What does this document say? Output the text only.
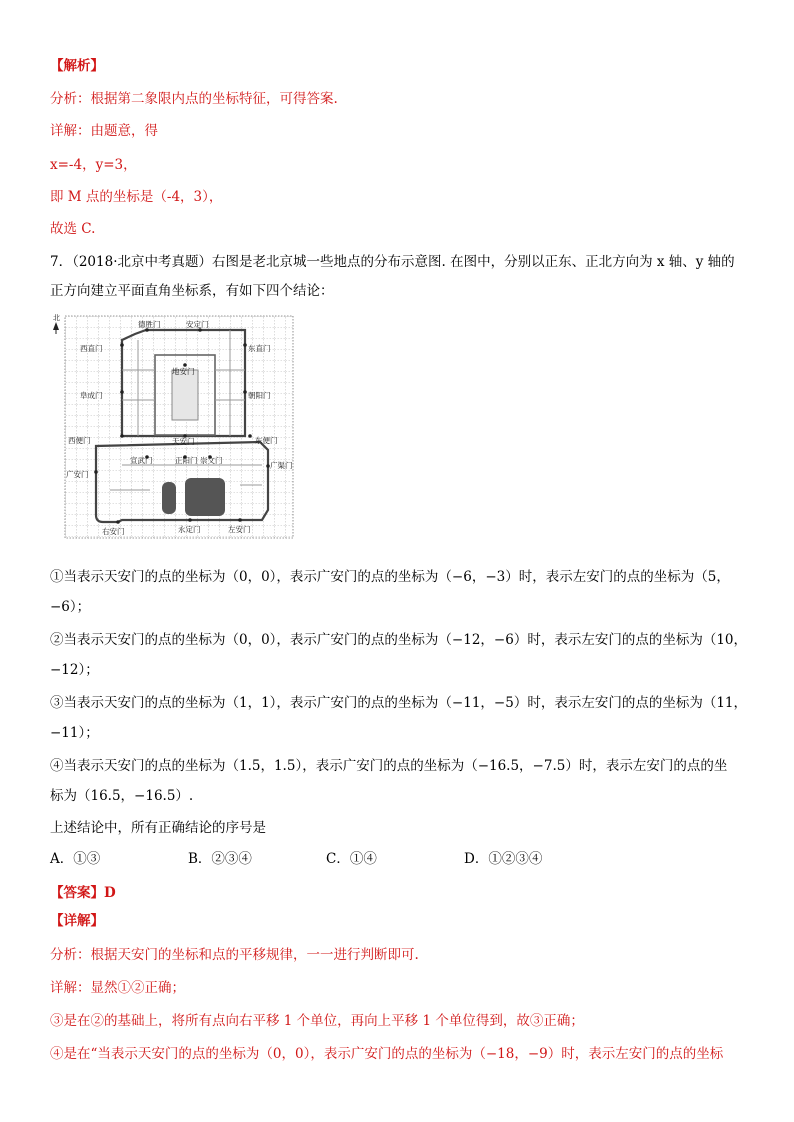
【解析】
分析：根据第二象限内点的坐标特征，可得答案.
详解：由题意，得
x=-4，y=3，
即 M 点的坐标是（-4，3），
故选 C.
7．（2018·北京中考真题）右图是老北京城一些地点的分布示意图. 在图中，分别以正东、正北方向为 x 轴、y 轴的
正方向建立平面直角坐标系，有如下四个结论：
北
德胜门	安定门
西直门	东直门
地安门
阜成门	朝阳门
西便门	天安门	东便门
宣武门	正阳门 崇文门
广渠门
广安门
右安门	永定门	左安门
①当表示天安门的点的坐标为（0，0），表示广安门的点的坐标为（−6，−3）时，表示左安门的点的坐标为（5，
−6）；
②当表示天安门的点的坐标为（0，0），表示广安门的点的坐标为（−12，−6）时，表示左安门的点的坐标为（10，
−12）；
③当表示天安门的点的坐标为（1，1），表示广安门的点的坐标为（−11，−5）时，表示左安门的点的坐标为（11，
−11）；
④当表示天安门的点的坐标为（1.5，1.5），表示广安门的点的坐标为（−16.5，−7.5）时，表示左安门的点的坐
标为（16.5，−16.5）.
上述结论中，所有正确结论的序号是
A．①③	B．②③④	C．①④	D．①②③④
【答案】D
【详解】
分析：根据天安门的坐标和点的平移规律，一一进行判断即可.
详解：显然①②正确；
③是在②的基础上，将所有点向右平移 1 个单位，再向上平移 1 个单位得到，故③正确；
④是在“当表示天安门的点的坐标为（0，0），表示广安门的点的坐标为（−18，−9）时，表示左安门的点的坐标
